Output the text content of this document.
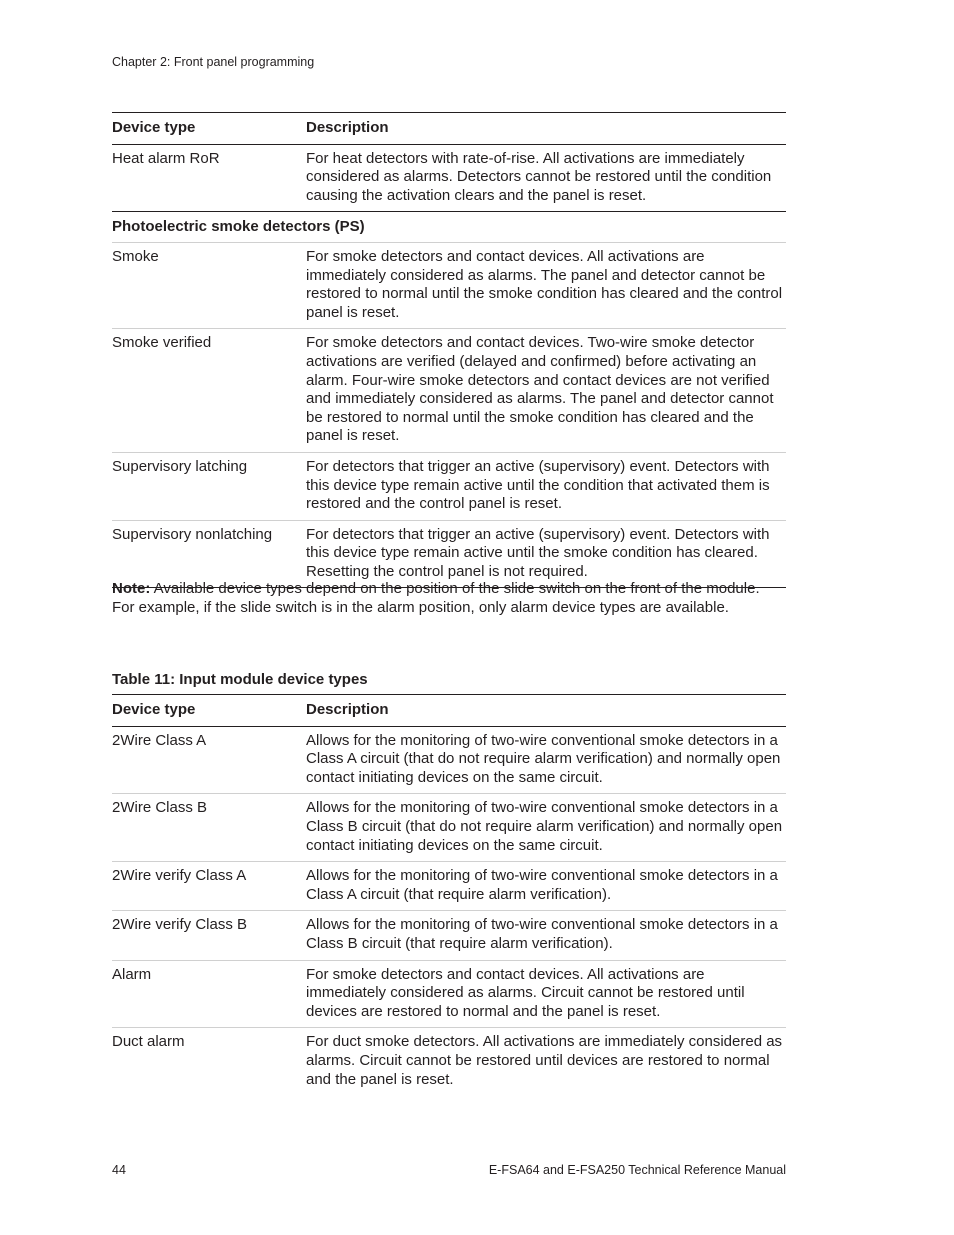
Chapter 2: Front panel programming
Device type	Description
Heat alarm RoR	For heat detectors with rate-of-rise. All activations are immediately considered as alarms. Detectors cannot be restored until the condition causing the activation clears and the panel is reset.
Photoelectric smoke detectors (PS)	
Smoke	For smoke detectors and contact devices. All activations are immediately considered as alarms. The panel and detector cannot be restored to normal until the smoke condition has cleared and the control panel is reset.
Smoke verified	For smoke detectors and contact devices. Two-wire smoke detector activations are verified (delayed and confirmed) before activating an alarm. Four-wire smoke detectors and contact devices are not verified and immediately considered as alarms. The panel and detector cannot be restored to normal until the smoke condition has cleared and the panel is reset.
Supervisory latching	For detectors that trigger an active (supervisory) event. Detectors with this device type remain active until the condition that activated them is restored and the control panel is reset.
Supervisory nonlatching	For detectors that trigger an active (supervisory) event. Detectors with this device type remain active until the smoke condition has cleared. Resetting the control panel is not required.

Note: Available device types depend on the position of the slide switch on the front of the module. For example, if the slide switch is in the alarm position, only alarm device types are available.
Table 11: Input module device types
Device type	Description
2Wire Class A	Allows for the monitoring of two-wire conventional smoke detectors in a Class A circuit (that do not require alarm verification) and normally open contact initiating devices on the same circuit.
2Wire Class B	Allows for the monitoring of two-wire conventional smoke detectors in a Class B circuit (that do not require alarm verification) and normally open contact initiating devices on the same circuit.
2Wire verify Class A	Allows for the monitoring of two-wire conventional smoke detectors in a Class A circuit (that require alarm verification).
2Wire verify Class B	Allows for the monitoring of two-wire conventional smoke detectors in a Class B circuit (that require alarm verification).
Alarm	For smoke detectors and contact devices. All activations are immediately considered as alarms. Circuit cannot be restored until devices are restored to normal and the panel is reset.
Duct alarm	For duct smoke detectors. All activations are immediately considered as alarms. Circuit cannot be restored until devices are restored to normal and the panel is reset.
44	E-FSA64 and E-FSA250 Technical Reference Manual
